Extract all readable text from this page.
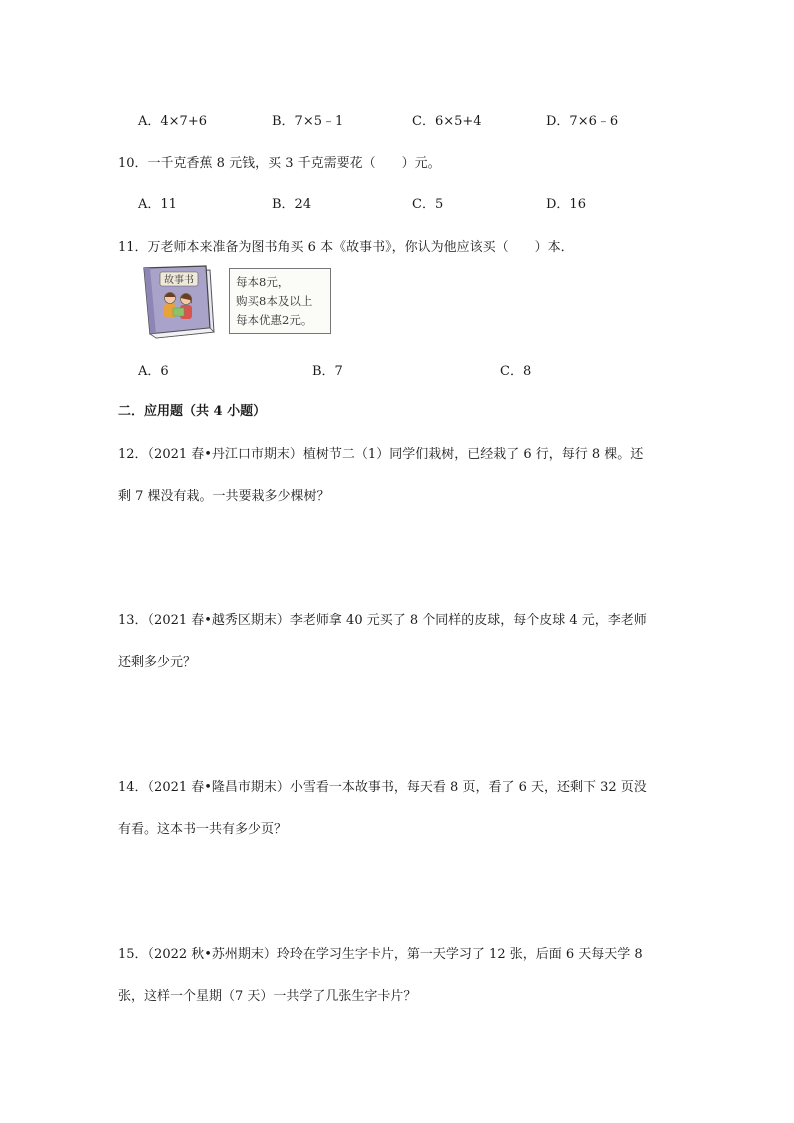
A．4×7+6	B．7×5﹣1	C．6×5+4	D．7×6﹣6
10．一千克香蕉 8 元钱，买 3 千克需要花（　　）元。
A．11	B．24	C．5	D．16
11．万老师本来准备为图书角买 6 本《故事书》，你认为他应该买（　　）本．
故事书	每本8元，
购买8本及以上
每本优惠2元。
A．6	B．7	C．8
二．应用题（共 4 小题）
12．（2021 春•丹江口市期末）植树节二（1）同学们栽树，已经栽了 6 行，每行 8 棵。还
剩 7 棵没有栽。一共要栽多少棵树？
13．（2021 春•越秀区期末）李老师拿 40 元买了 8 个同样的皮球，每个皮球 4 元，李老师
还剩多少元？
14．（2021 春•隆昌市期末）小雪看一本故事书，每天看 8 页，看了 6 天，还剩下 32 页没
有看。这本书一共有多少页？
15．（2022 秋•苏州期末）玲玲在学习生字卡片，第一天学习了 12 张，后面 6 天每天学 8
张，这样一个星期（7 天）一共学了几张生字卡片？
